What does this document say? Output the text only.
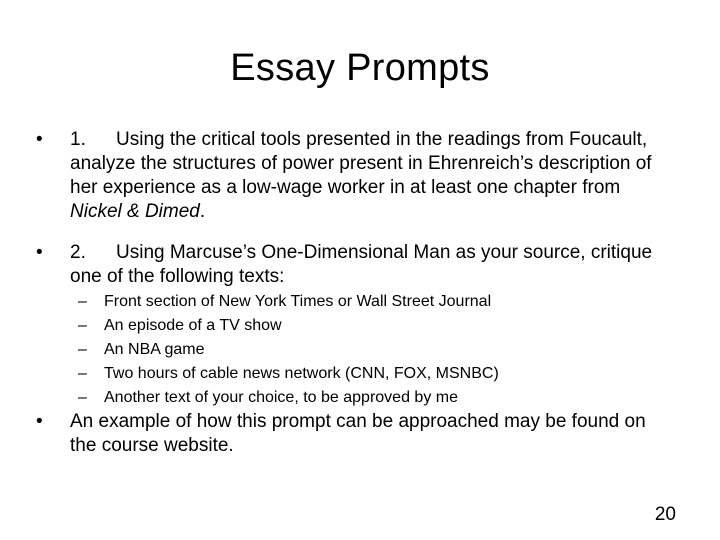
Essay Prompts
•	1. Using the critical tools presented in the readings from Foucault, analyze the structures of power present in Ehrenreich’s description of her experience as a low-wage worker in at least one chapter from Nickel & Dimed.
•	2. Using Marcuse’s One-Dimensional Man as your source, critique one of the following texts:
–	Front section of New York Times or Wall Street Journal
–	An episode of a TV show
–	An NBA game
–	Two hours of cable news network (CNN, FOX, MSNBC)
–	Another text of your choice, to be approved by me
•	An example of how this prompt can be approached may be found on the course website.
20
